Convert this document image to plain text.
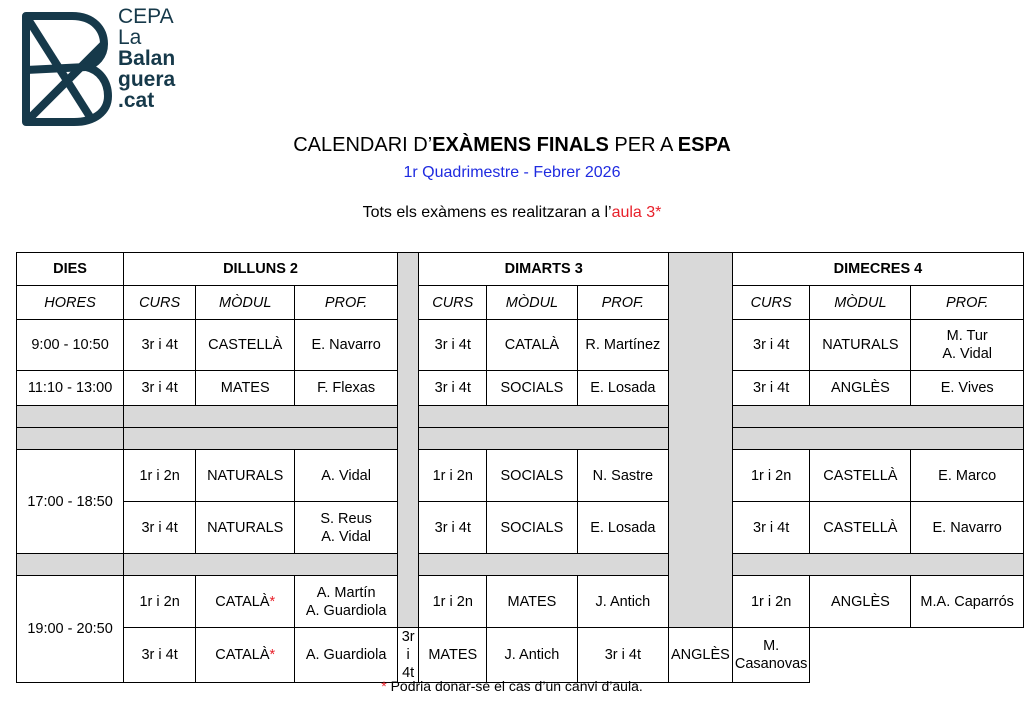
CEPA
La
Balan
guera
.cat
CALENDARI D’EXÀMENS FINALS PER A ESPA
1r Quadrimestre - Febrer 2026
Tots els exàmens es realitzaran a l’aula 3*
DIES	DILLUNS 2				DIMARTS 3				DIMECRES 4		
HORES	CURS	MÒDUL	PROF.		CURS	MÒDUL	PROF.		CURS	MÒDUL	PROF.
9:00 - 10:50	3r i 4t	CASTELLÀ	E. Navarro		3r i 4t	CATALÀ	R. Martínez		3r i 4t	NATURALS	M. Tur
A. Vidal
11:10 - 13:00	3r i 4t	MATES	F. Flexas		3r i 4t	SOCIALS	E. Losada		3r i 4t	ANGLÈS	E. Vives

17:00 - 18:50	1r i 2n	NATURALS	A. Vidal		1r i 2n	SOCIALS	N. Sastre		1r i 2n	CASTELLÀ	E. Marco
	3r i 4t	NATURALS	S. Reus
A. Vidal		3r i 4t	SOCIALS	E. Losada		3r i 4t	CASTELLÀ	E. Navarro

19:00 - 20:50	1r i 2n	CATALÀ*	A. Martín
A. Guardiola		1r i 2n	MATES	J. Antich		1r i 2n	ANGLÈS	M.A. Caparrós
	3r i 4t	CATALÀ*	A. Guardiola	3r i 4t	MATES	J. Antich	3r i 4t	ANGLÈS	M. Casanovas		
* Podria donar-se el cas d’un canvi d’aula.
